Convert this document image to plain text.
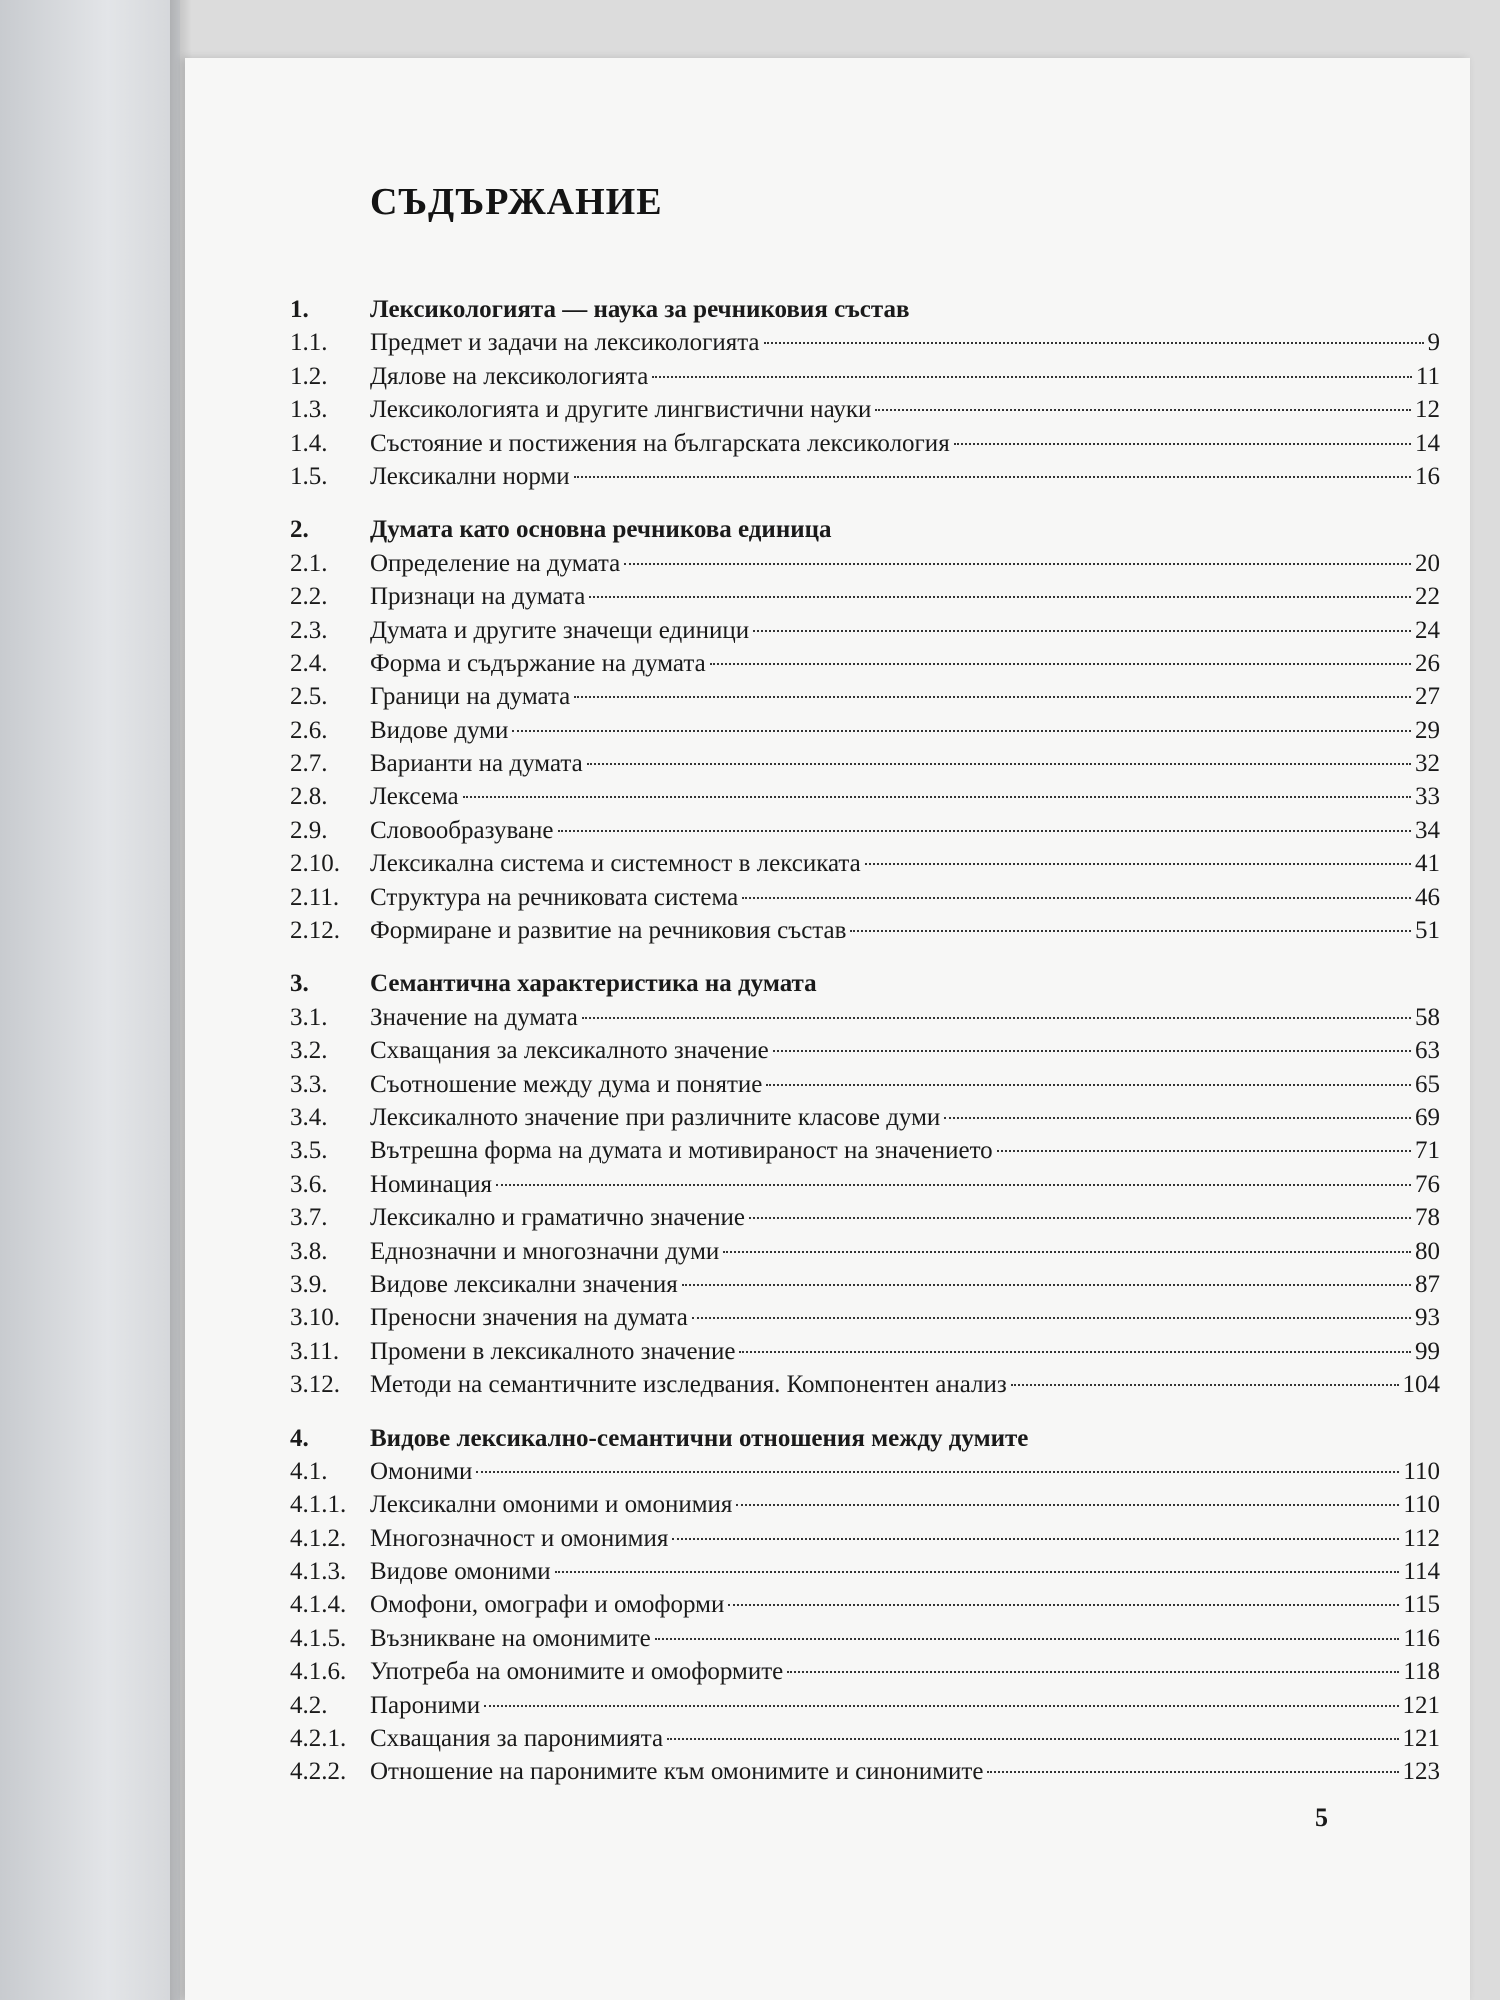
СЪДЪРЖАНИЕ
1.	Лексикологията — наука за речниковия състав
1.1.	Предмет и задачи на лексикологията	9
1.2.	Дялове на лексикологията	11
1.3.	Лексикологията и другите лингвистични науки	12
1.4.	Състояние и постижения на българската лексикология	14
1.5.	Лексикални норми	16
2.	Думата като основна речникова единица
2.1.	Определение на думата	20
2.2.	Признаци на думата	22
2.3.	Думата и другите значещи единици	24
2.4.	Форма и съдържание на думата	26
2.5.	Граници на думата	27
2.6.	Видове думи	29
2.7.	Варианти на думата	32
2.8.	Лексема	33
2.9.	Словообразуване	34
2.10.	Лексикална система и системност в лексиката	41
2.11.	Структура на речниковата система	46
2.12.	Формиране и развитие на речниковия състав	51
3.	Семантична характеристика на думата
3.1.	Значение на думата	58
3.2.	Схващания за лексикалното значение	63
3.3.	Съотношение между дума и понятие	65
3.4.	Лексикалното значение при различните класове думи	69
3.5.	Вътрешна форма на думата и мотивираност на значението	71
3.6.	Номинация	76
3.7.	Лексикално и граматично значение	78
3.8.	Еднозначни и многозначни думи	80
3.9.	Видове лексикални значения	87
3.10.	Преносни значения на думата	93
3.11.	Промени в лексикалното значение	99
3.12.	Методи на семантичните изследвания. Компонентен анализ	104
4.	Видове лексикално-семантични отношения между думите
4.1.	Омоними	110
4.1.1. Лексикални омоними и омонимия	110
4.1.2. Многозначност и омонимия	112
4.1.3. Видове омоними	114
4.1.4. Омофони, омографи и омоформи	115
4.1.5. Възникване на омонимите	116
4.1.6. Употреба на омонимите и омоформите	118
4.2.	Пароними	121
4.2.1. Схващания за паронимията	121
4.2.2. Отношение на паронимите към омонимите и синонимите	123
5
